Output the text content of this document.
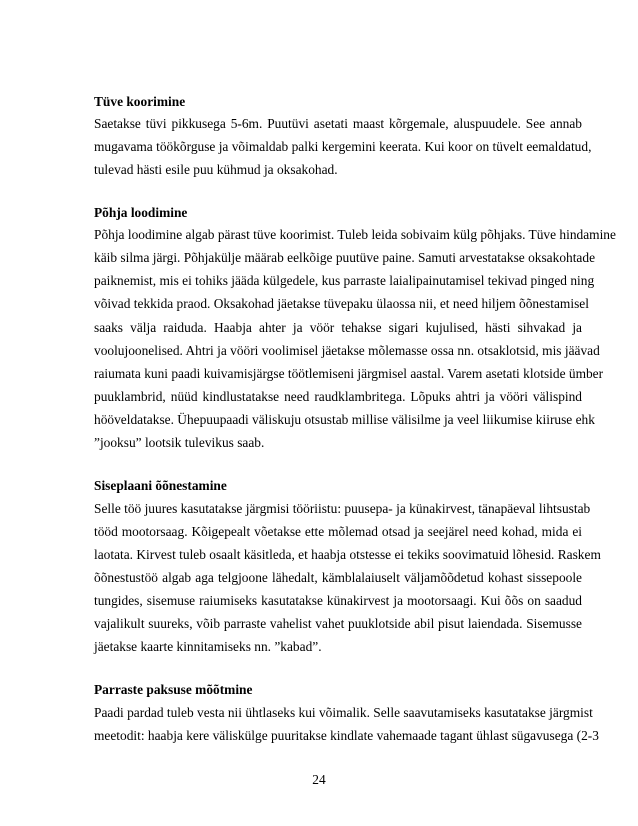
Tüve koorimine
Saetakse tüvi pikkusega 5-6m. Puutüvi asetati maast kõrgemale, aluspuudele. See annab
mugavama töökõrguse ja võimaldab palki kergemini keerata. Kui koor on tüvelt eemaldatud,
tulevad hästi esile puu kühmud ja oksakohad.
Põhja loodimine
Põhja loodimine algab pärast tüve koorimist. Tuleb leida sobivaim külg põhjaks. Tüve hindamine
käib silma järgi. Põhjakülje määrab eelkõige puutüve paine. Samuti arvestatakse oksakohtade
paiknemist, mis ei tohiks jääda külgedele, kus parraste laialipainutamisel tekivad pinged ning
võivad tekkida praod. Oksakohad jäetakse tüvepaku ülaossa nii, et need hiljem õõnestamisel
saaks välja raiduda. Haabja ahter ja vöör tehakse sigari kujulised, hästi sihvakad ja
voolujoonelised. Ahtri ja vööri voolimisel jäetakse mõlemasse ossa nn. otsaklotsid, mis jäävad
raiumata kuni paadi kuivamisjärgse töötlemiseni järgmisel aastal. Varem asetati klotside ümber
puuklambrid, nüüd kindlustatakse need raudklambritega. Lõpuks ahtri ja vööri välispind
hööveldatakse. Ühepuupaadi väliskuju otsustab millise välisilme ja veel liikumise kiiruse ehk
”jooksu” lootsik tulevikus saab.
Siseplaani õõnestamine
Selle töö juures kasutatakse järgmisi tööriistu: puusepa- ja künakirvest, tänapäeval lihtsustab
tööd mootorsaag. Kõigepealt võetakse ette mõlemad otsad ja seejärel need kohad, mida ei
laotata. Kirvest tuleb osaalt käsitleda, et haabja otstesse ei tekiks soovimatuid lõhesid. Raskem
õõnestustöö algab aga telgjoone lähedalt, kämblalaiuselt väljamõõdetud kohast sissepoole
tungides, sisemuse raiumiseks kasutatakse künakirvest ja mootorsaagi. Kui õõs on saadud
vajalikult suureks, võib parraste vahelist vahet puuklotside abil pisut laiendada. Sisemusse
jäetakse kaarte kinnitamiseks nn. ”kabad”.
Parraste paksuse mõõtmine
Paadi pardad tuleb vesta nii ühtlaseks kui võimalik. Selle saavutamiseks kasutatakse järgmist
meetodit: haabja kere väliskülge puuritakse kindlate vahemaade tagant ühlast sügavusega (2-3
24
